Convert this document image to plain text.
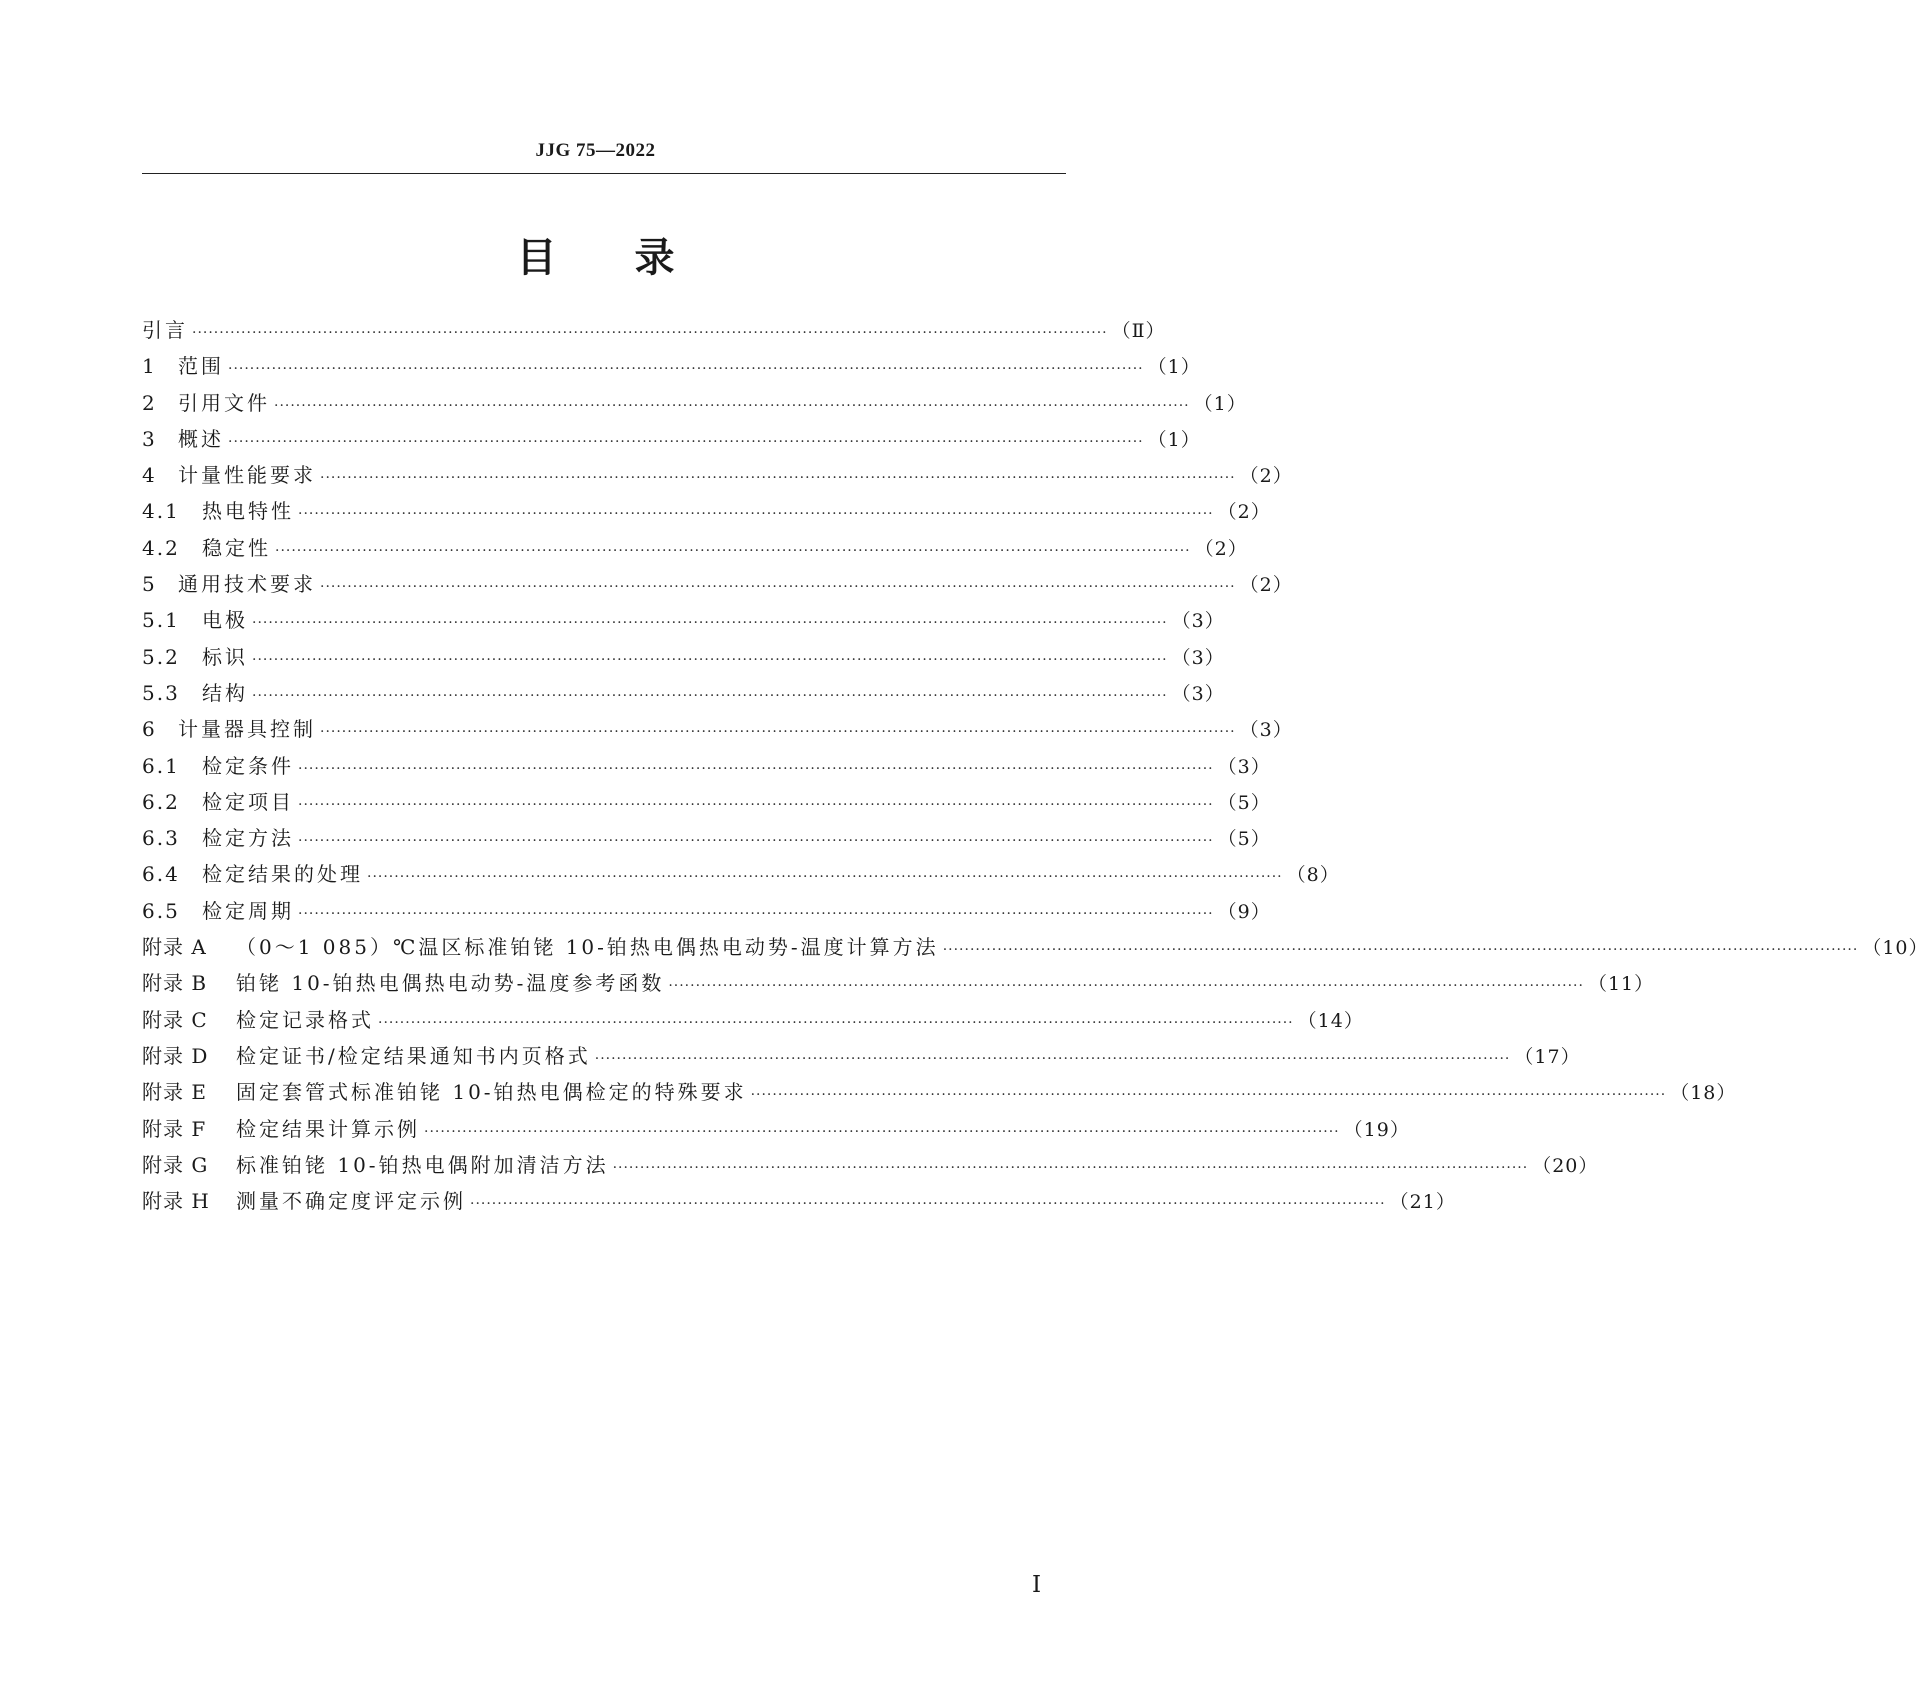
JJG 75—2022
目录
引言 ·····	（Ⅱ）
1	范围 ·····	（1）
2	引用文件 ·····	（1）
3	概述 ·····	（1）
4	计量性能要求 ·····	（2）
4.1	热电特性 ·····	（2）
4.2	稳定性 ·····	（2）
5	通用技术要求 ·····	（2）
5.1	电极 ·····	（3）
5.2	标识 ·····	（3）
5.3	结构 ·····	（3）
6	计量器具控制 ·····	（3）
6.1	检定条件 ·····	（3）
6.2	检定项目 ·····	（5）
6.3	检定方法 ·····	（5）
6.4	检定结果的处理 ·····	（8）
6.5	检定周期 ·····	（9）
附录 A	（0～1 085）℃温区标准铂铑 10-铂热电偶热电动势-温度计算方法 ·····	（10）
附录 B	铂铑 10-铂热电偶热电动势-温度参考函数 ·····	（11）
附录 C	检定记录格式 ·····	（14）
附录 D	检定证书/检定结果通知书内页格式 ·····	（17）
附录 E	固定套管式标准铂铑 10-铂热电偶检定的特殊要求 ·····	（18）
附录 F	检定结果计算示例 ·····	（19）
附录 G	标准铂铑 10-铂热电偶附加清洁方法 ·····	（20）
附录 H	测量不确定度评定示例 ·····	（21）
Ⅰ
